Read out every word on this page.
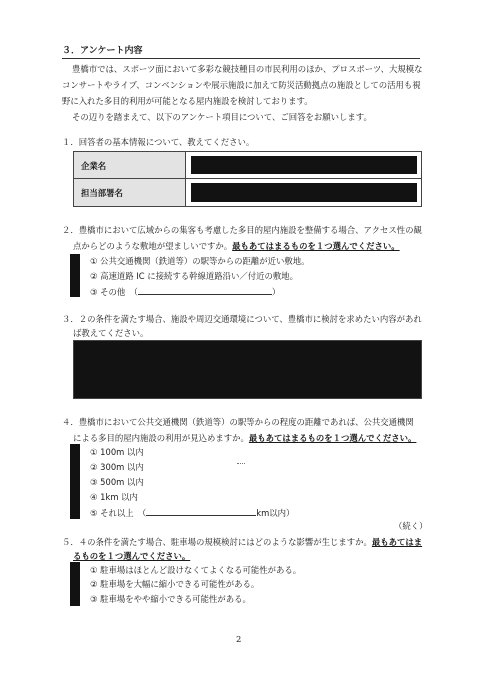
３．アンケート内容
豊橋市では、スポーツ面において多彩な競技種目の市民利用のほか、プロスポーツ、大規模な
コンサートやライブ、コンベンションや展示施設に加えて防災活動拠点の施設としての活用も視
野に入れた多目的利用が可能となる屋内施設を検討しております。
その辺りを踏まえて、以下のアンケート項目について、ご回答をお願いします。
１．回答者の基本情報について、教えてください。
企業名
担当部署名
２．豊橋市において広域からの集客も考慮した多目的屋内施設を整備する場合、アクセス性の観
点からどのような敷地が望ましいですか。最もあてはまるものを１つ選んでください。
① 公共交通機関（鉄道等）の駅等からの距離が近い敷地。
② 高速道路 IC に接続する幹線道路沿い／付近の敷地。
③ その他　（	）
３．２の条件を満たす場合、施設や周辺交通環境について、豊橋市に検討を求めたい内容があれ
ば教えてください。
４．豊橋市において公共交通機関（鉄道等）の駅等からの程度の距離であれば、公共交通機関
による多目的屋内施設の利用が見込めますか。最もあてはまるものを１つ選んでください。
① 100m 以内
② 300m 以内
③ 500m 以内
④ 1km 以内
⑤ それ以上　（	km以内）
（続く）
５．４の条件を満たす場合、駐車場の規模検討にはどのような影響が生じますか。最もあてはま
るものを１つ選んでください。
① 駐車場はほとんど設けなくてよくなる可能性がある。
② 駐車場を大幅に縮小できる可能性がある。
③ 駐車場をやや縮小できる可能性がある。
2
